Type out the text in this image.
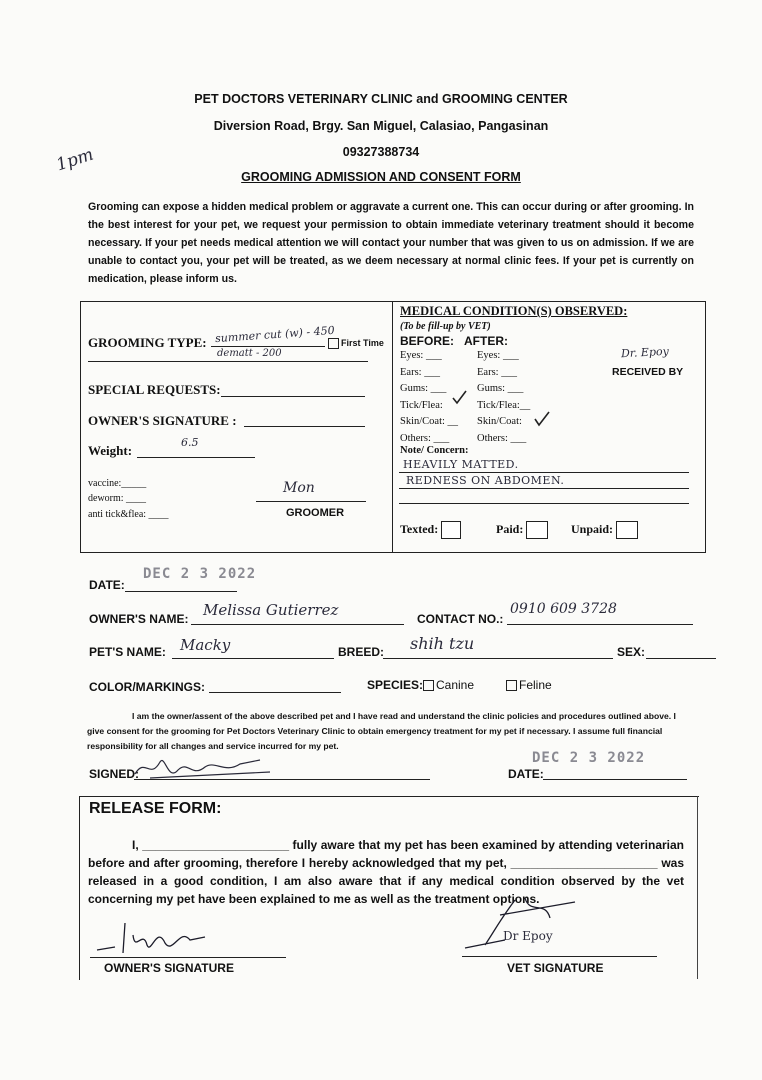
PET DOCTORS VETERINARY CLINIC and GROOMING CENTER
Diversion Road, Brgy. San Miguel, Calasiao, Pangasinan
09327388734
GROOMING ADMISSION AND CONSENT FORM
1pm
Grooming can expose a hidden medical problem or aggravate a current one. This can occur during or after grooming. In the best interest for your pet, we request your permission to obtain immediate veterinary treatment should it become necessary. If your pet needs medical attention we will contact your number that was given to us on admission. If we are unable to contact you, your pet will be treated, as we deem necessary at normal clinic fees. If your pet is currently on medication, please inform us.
GROOMING TYPE: summer cut (w) - 450 First Time
dematt - 200
SPECIAL REQUESTS:
OWNER'S SIGNATURE :
Weight:
6.5
vaccine:_____
deworm: ____
anti tick&flea: ____
Mon
GROOMER
MEDICAL CONDITION(S) OBSERVED:
(To be fill-up by VET)
BEFORE: AFTER:
Eyes: ___	Eyes: ___
Ears: ___	Ears: ___
Gums: ___	Gums: ___
Tick/Flea:	Tick/Flea:__
Skin/Coat: __ Skin/Coat:
Others: ___	Others: ___
Dr. Epoy
RECEIVED BY
Note/ Concern:
HEAVILY MATTED.
REDNESS ON ABDOMEN.
Texted:	Paid:	Unpaid:
DATE:
DEC 2 3 2022
OWNER'S NAME: Melissa Gutierrez	CONTACT NO.:
0910 609 3728
PET'S NAME: Macky	BREED: shih tzu	SEX:
COLOR/MARKINGS:	SPECIES:	Canine	Feline
I am the owner/assent of the above described pet and I have read and understand the clinic policies and procedures outlined above. I give consent for the grooming for Pet Doctors Veterinary Clinic to obtain emergency treatment for my pet if necessary. I assume full financial responsibility for all changes and service incurred for my pet.
SIGNED:	DATE:
DEC 2 3 2022
RELEASE FORM:
I, ______________________ fully aware that my pet has been examined by attending veterinarian before and after grooming, therefore I hereby acknowledged that my pet, ______________________ was released in a good condition, I am also aware that if any medical condition observed by the vet concerning my pet have been explained to me as well as the treatment options.
OWNER'S SIGNATURE
Dr Epoy
VET SIGNATURE
